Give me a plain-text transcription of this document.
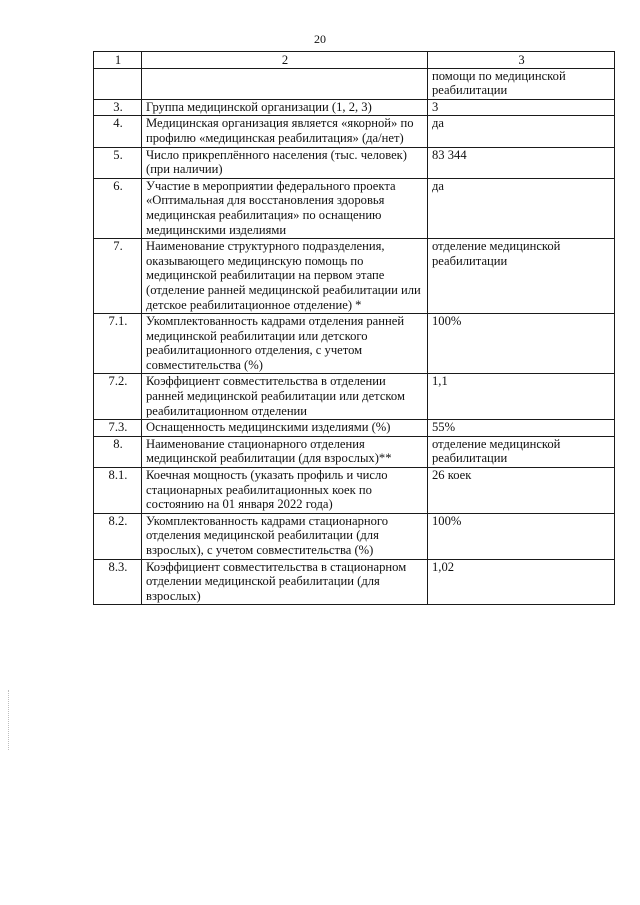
20
1	2	3
		помощи по медицинской реабилитации
3.	Группа медицинской организации (1, 2, 3)	3
4.	Медицинская организация является «якорной» по профилю «медицинская реабилитация» (да/нет)	да
5.	Число прикреплённого населения (тыс. человек) (при наличии)	83 344
6.	Участие в мероприятии федерального проекта «Оптимальная для восстановления здоровья медицинская реабилитация» по оснащению медицинскими изделиями	да
7.	Наименование структурного подразделения, оказывающего медицинскую помощь по медицинской реабилитации на первом этапе (отделение ранней медицинской реабилитации или детское реабилитационное отделение) *	отделение медицинской реабилитации
7.1.	Укомплектованность кадрами отделения ранней медицинской реабилитации или детского реабилитационного отделения, с учетом совместительства (%)	100%
7.2.	Коэффициент совместительства в отделении ранней медицинской реабилитации или детском реабилитационном отделении	1,1
7.3.	Оснащенность медицинскими изделиями (%)	55%
8.	Наименование стационарного отделения медицинской реабилитации (для взрослых)**	отделение медицинской реабилитации
8.1.	Коечная мощность (указать профиль и число стационарных реабилитационных коек по состоянию на 01 января 2022 года)	26 коек
8.2.	Укомплектованность кадрами стационарного отделения медицинской реабилитации (для взрослых), с учетом совместительства (%)	100%
8.3.	Коэффициент совместительства в стационарном отделении медицинской реабилитации (для взрослых)	1,02
